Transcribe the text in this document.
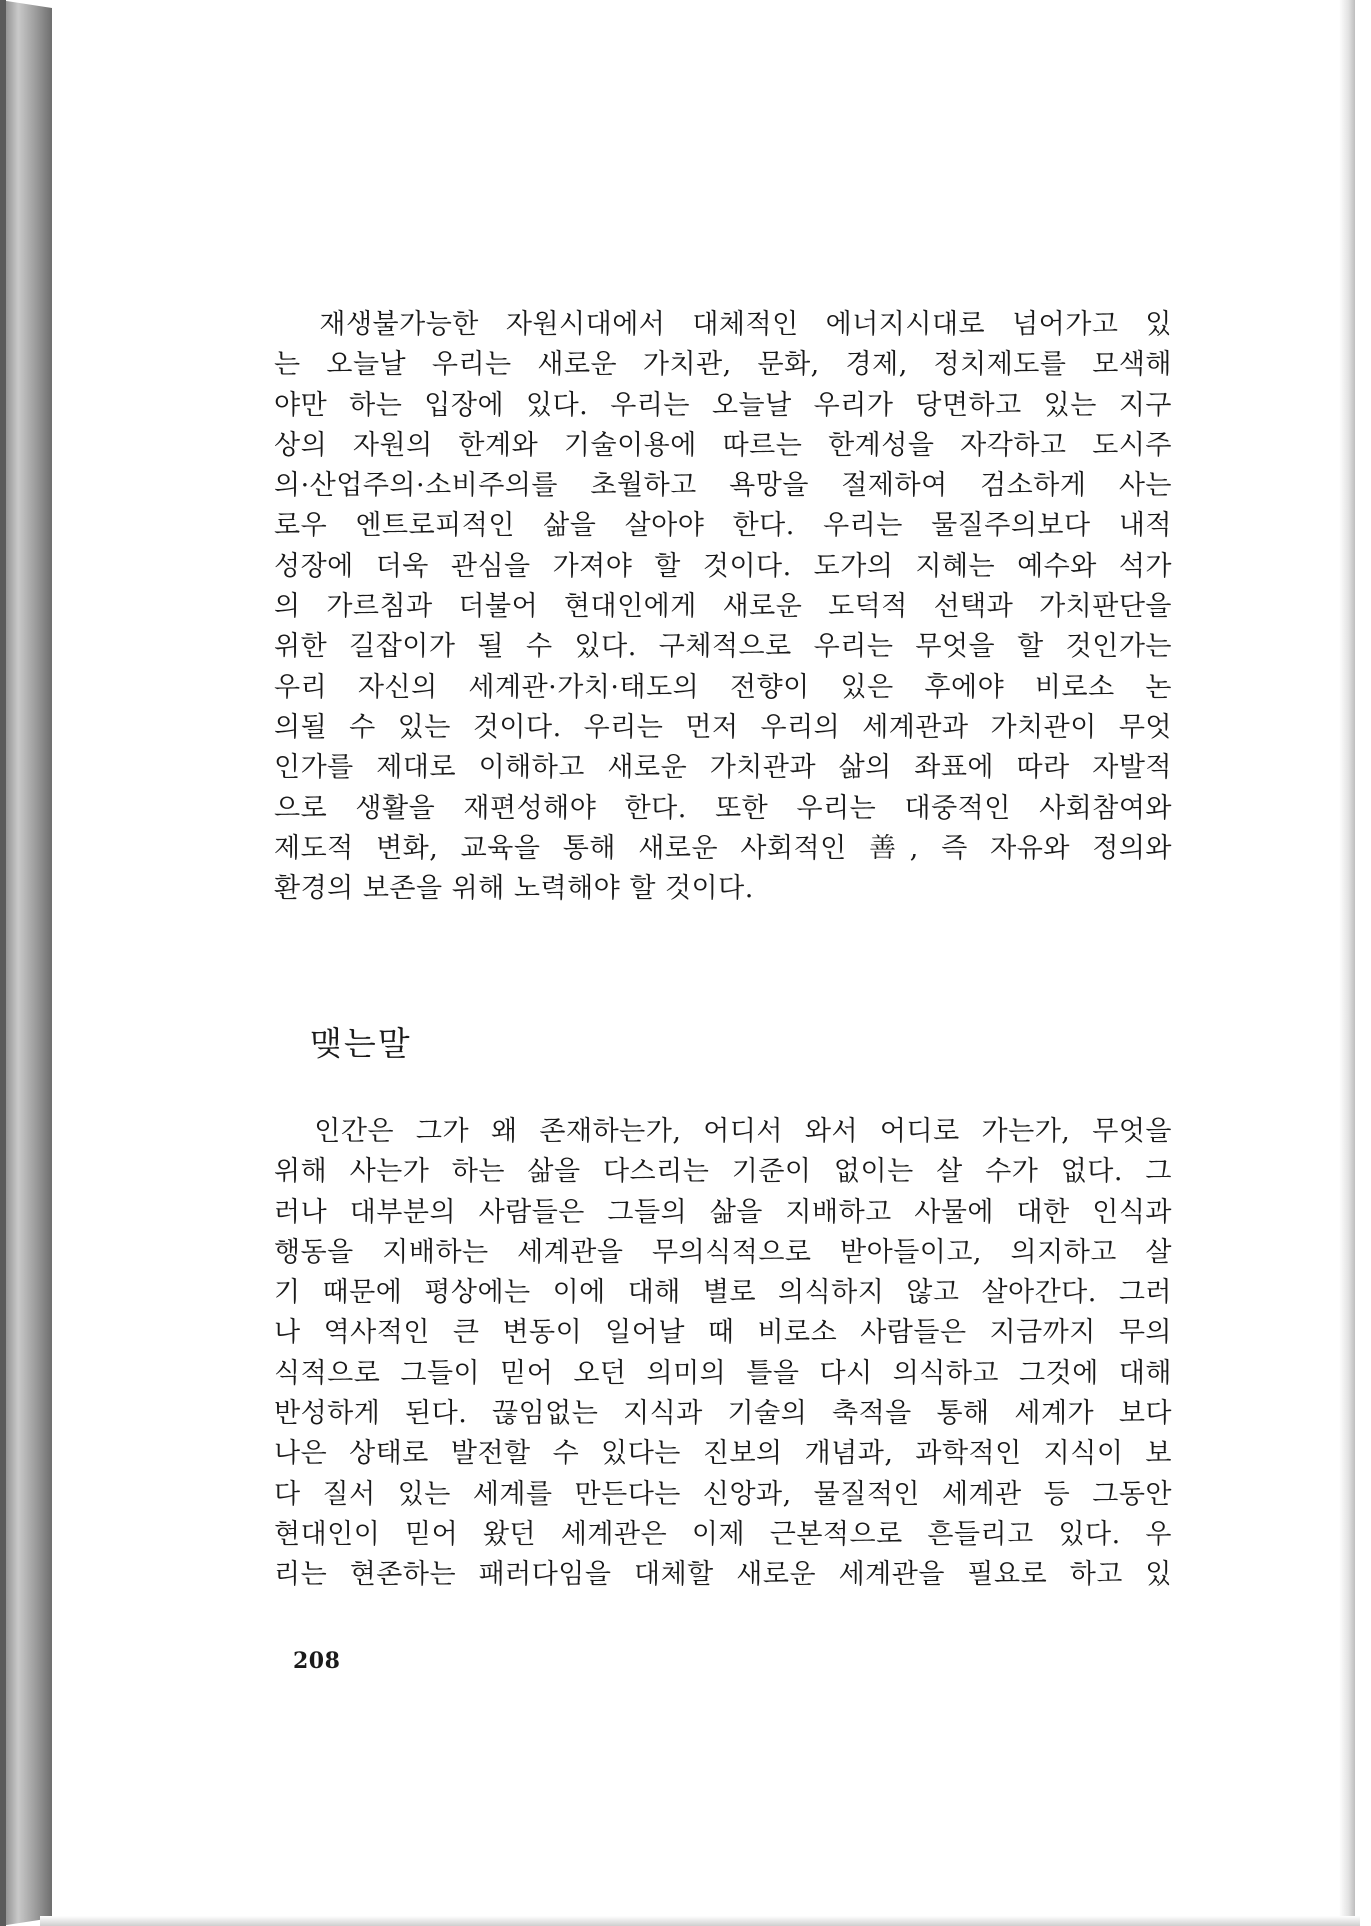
　재생불가능한 자원시대에서 대체적인 에너지시대로 넘어가고 있
는 오늘날 우리는 새로운 가치관, 문화, 경제, 정치제도를 모색해
야만 하는 입장에 있다. 우리는 오늘날 우리가 당면하고 있는 지구
상의 자원의 한계와 기술이용에 따르는 한계성을 자각하고 도시주
의·산업주의·소비주의를 초월하고 욕망을 절제하여 검소하게 사는
로우 엔트로피적인 삶을 살아야 한다. 우리는 물질주의보다 내적
성장에 더욱 관심을 가져야 할 것이다. 도가의 지혜는 예수와 석가
의 가르침과 더불어 현대인에게 새로운 도덕적 선택과 가치판단을
위한 길잡이가 될 수 있다. 구체적으로 우리는 무엇을 할 것인가는
우리 자신의 세계관·가치·태도의 전향이 있은 후에야 비로소 논
의될 수 있는 것이다. 우리는 먼저 우리의 세계관과 가치관이 무엇
인가를 제대로 이해하고 새로운 가치관과 삶의 좌표에 따라 자발적
으로 생활을 재편성해야 한다. 또한 우리는 대중적인 사회참여와
제도적 변화, 교육을 통해 새로운 사회적인 善, 즉 자유와 정의와
환경의 보존을 위해 노력해야 할 것이다.
맺는말
　인간은 그가 왜 존재하는가, 어디서 와서 어디로 가는가, 무엇을
위해 사는가 하는 삶을 다스리는 기준이 없이는 살 수가 없다. 그
러나 대부분의 사람들은 그들의 삶을 지배하고 사물에 대한 인식과
행동을 지배하는 세계관을 무의식적으로 받아들이고, 의지하고 살
기 때문에 평상에는 이에 대해 별로 의식하지 않고 살아간다. 그러
나 역사적인 큰 변동이 일어날 때 비로소 사람들은 지금까지 무의
식적으로 그들이 믿어 오던 의미의 틀을 다시 의식하고 그것에 대해
반성하게 된다. 끊임없는 지식과 기술의 축적을 통해 세계가 보다
나은 상태로 발전할 수 있다는 진보의 개념과, 과학적인 지식이 보
다 질서 있는 세계를 만든다는 신앙과, 물질적인 세계관 등 그동안
현대인이 믿어 왔던 세계관은 이제 근본적으로 흔들리고 있다. 우
리는 현존하는 패러다임을 대체할 새로운 세계관을 필요로 하고 있
208
